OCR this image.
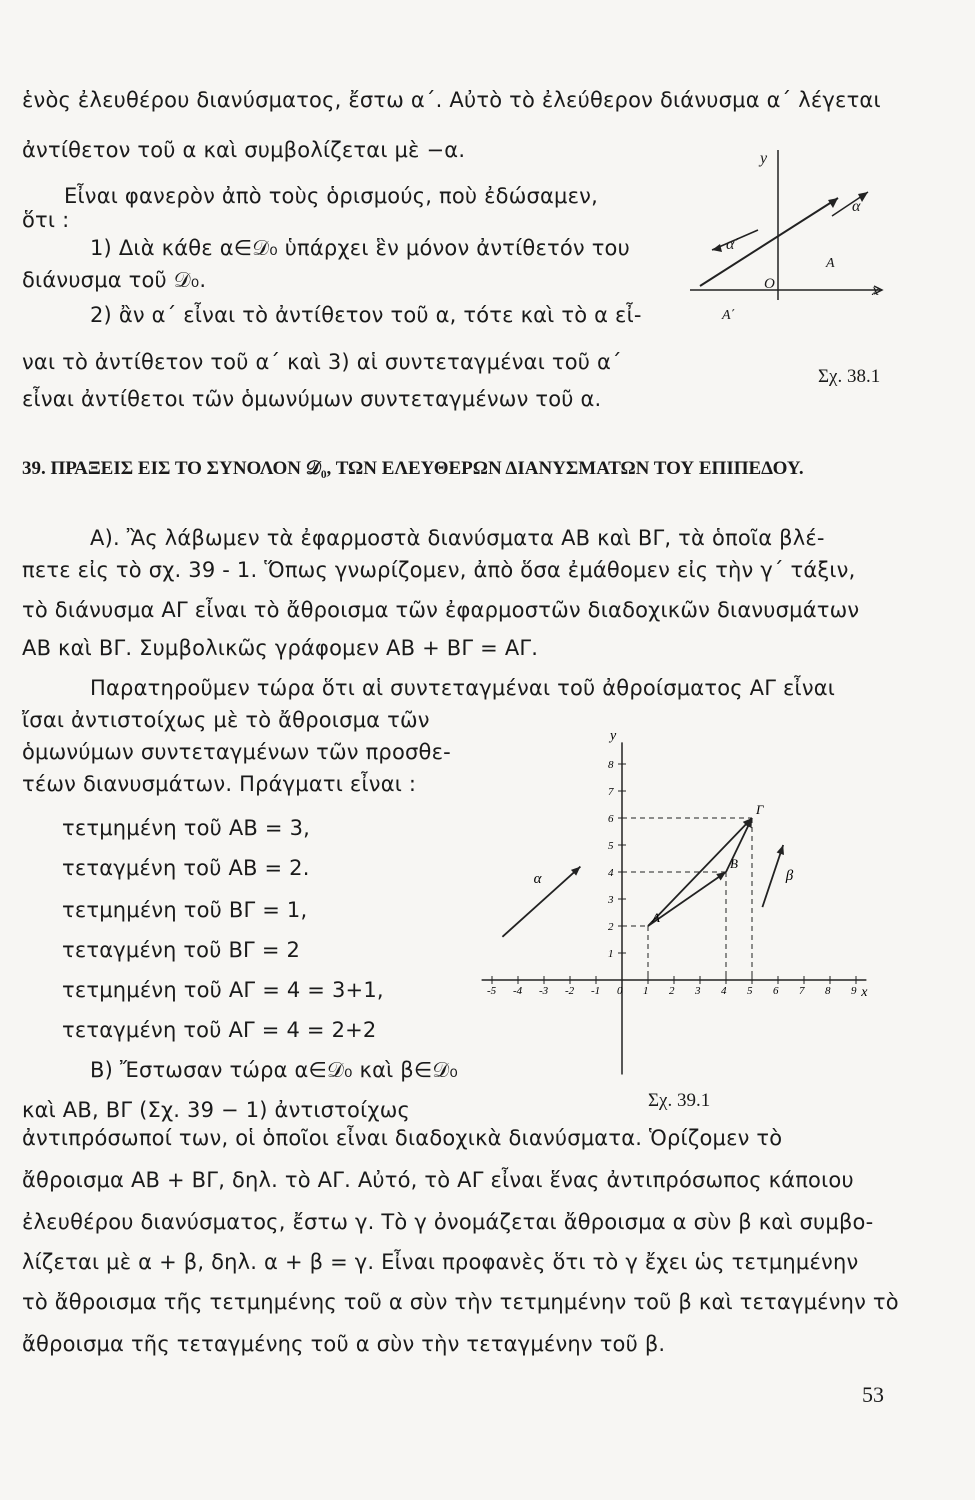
ἑνὸς ἐλευθέρου διανύσματος, ἔστω α΄. Αὐτὸ τὸ ἐλεύθερον διάνυσμα α΄ λέγεται
ἀντίθετον τοῦ α καὶ συμβολίζεται μὲ −α.
Εἶναι φανερὸν ἀπὸ τοὺς ὁρισμούς, ποὺ ἐδώσαμεν,
ὅτι :
1) Διὰ κάθε α∈𝒟₀ ὑπάρχει ἓν μόνον ἀντίθετόν του
διάνυσμα τοῦ 𝒟₀.
2) ἂν α΄ εἶναι τὸ ἀντίθετον τοῦ α, τότε καὶ τὸ α εἶ-
ναι τὸ ἀντίθετον τοῦ α΄ καὶ 3) αἱ συντεταγμέναι τοῦ α΄
εἶναι ἀντίθετοι τῶν ὁμωνύμων συντεταγμένων τοῦ α.
y
x
O
α΄
α
A΄
A
Σχ. 38.1
39. ΠΡΑΞΕΙΣ ΕΙΣ ΤΟ ΣΥΝΟΛΟΝ 𝒟₀, ΤΩΝ ΕΛΕΥΘΕΡΩΝ ΔΙΑΝΥΣΜΑΤΩΝ ΤΟΥ ΕΠΙΠΕΔΟΥ.
Α). Ἂς λάβωμεν τὰ ἐφαρμοστὰ διανύσματα ΑΒ καὶ ΒΓ, τὰ ὁποῖα βλέ-
πετε εἰς τὸ σχ. 39 - 1. Ὅπως γνωρίζομεν, ἀπὸ ὅσα ἐμάθομεν εἰς τὴν γ΄ τάξιν,
τὸ διάνυσμα ΑΓ εἶναι τὸ ἄθροισμα τῶν ἐφαρμοστῶν διαδοχικῶν διανυσμάτων
ΑΒ καὶ ΒΓ. Συμβολικῶς γράφομεν ΑΒ + ΒΓ = ΑΓ.
Παρατηροῦμεν τώρα ὅτι αἱ συντεταγμέναι τοῦ ἀθροίσματος ΑΓ εἶναι
ἴσαι ἀντιστοίχως μὲ τὸ ἄθροισμα τῶν
ὁμωνύμων συντεταγμένων τῶν προσθε-
τέων διανυσμάτων. Πράγματι εἶναι :
τετμημένη τοῦ ΑΒ = 3,
τεταγμένη τοῦ ΑΒ = 2.
τετμημένη τοῦ ΒΓ = 1,
τεταγμένη τοῦ ΒΓ = 2
τετμημένη τοῦ ΑΓ = 4 = 3+1,
τεταγμένη τοῦ ΑΓ = 4 = 2+2
Β) Ἔστωσαν τώρα α∈𝒟₀ καὶ β∈𝒟₀
καὶ ΑΒ, ΒΓ (Σχ. 39 − 1) ἀντιστοίχως
x
y
-5 -4 -3 -2 -1 0 1 2 3 4 5 6 7 8 9
1
2
3
4
5
6
7
8
A
B
Γ
α	β
Σχ. 39.1
ἀντιπρόσωποί των, οἱ ὁποῖοι εἶναι διαδοχικὰ διανύσματα. Ὁρίζομεν τὸ
ἄθροισμα ΑΒ + ΒΓ, δηλ. τὸ ΑΓ. Αὐτό, τὸ ΑΓ εἶναι ἕνας ἀντιπρόσωπος κάποιου
ἐλευθέρου διανύσματος, ἔστω γ. Τὸ γ ὀνομάζεται ἄθροισμα α σὺν β καὶ συμβο-
λίζεται μὲ α + β, δηλ. α + β = γ. Εἶναι προφανὲς ὅτι τὸ γ ἔχει ὡς τετμημένην
τὸ ἄθροισμα τῆς τετμημένης τοῦ α σὺν τὴν τετμημένην τοῦ β καὶ τεταγμένην τὸ
ἄθροισμα τῆς τεταγμένης τοῦ α σὺν τὴν τεταγμένην τοῦ β.
53
